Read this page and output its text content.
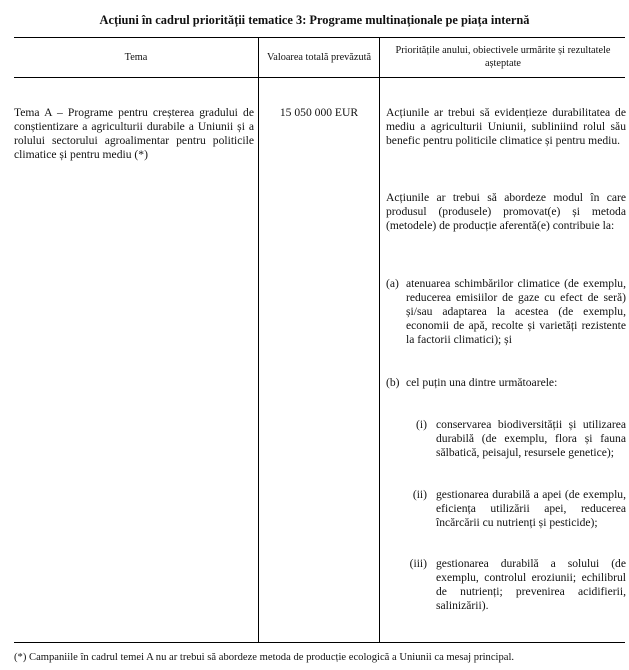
Acțiuni în cadrul priorității tematice 3: Programe multinaționale pe piața internă
Tema	Valoarea totală prevăzută
Prioritățile anului, obiectivele urmărite și rezultatele așteptate
Tema A – Programe pentru creșterea gradului de conștientizare a agriculturii durabile a Uniunii și a rolului sectorului agroalimentar pentru politicile climatice și pentru mediu (*)
15 050 000 EUR	Acțiunile ar trebui să evidențieze durabilitatea de mediu a agriculturii Uniunii, subliniind rolul său benefic pentru politicile climatice și pentru mediu.
Acțiunile ar trebui să abordeze modul în care produsul (produsele) promovat(e) și metoda (metodele) de producție aferentă(e) contribuie la:
(a) atenuarea schimbărilor climatice (de exemplu, reducerea emisiilor de gaze cu efect de seră) și/sau adaptarea la acestea (de exemplu, economii de apă, recolte și varietăți rezistente la factorii climatici); și
(b) cel puțin una dintre următoarele:
(i) conservarea biodiversității și utilizarea durabilă (de exemplu, flora și fauna sălbatică, peisajul, resursele genetice);
(ii) gestionarea durabilă a apei (de exemplu, eficiența utilizării apei, reducerea încărcării cu nutrienți și pesticide);
(iii) gestionarea durabilă a solului (de exemplu, controlul eroziunii; echilibrul de nutrienți; prevenirea acidifierii, salinizării).
(*) Campaniile în cadrul temei A nu ar trebui să abordeze metoda de producție ecologică a Uniunii ca mesaj principal.
